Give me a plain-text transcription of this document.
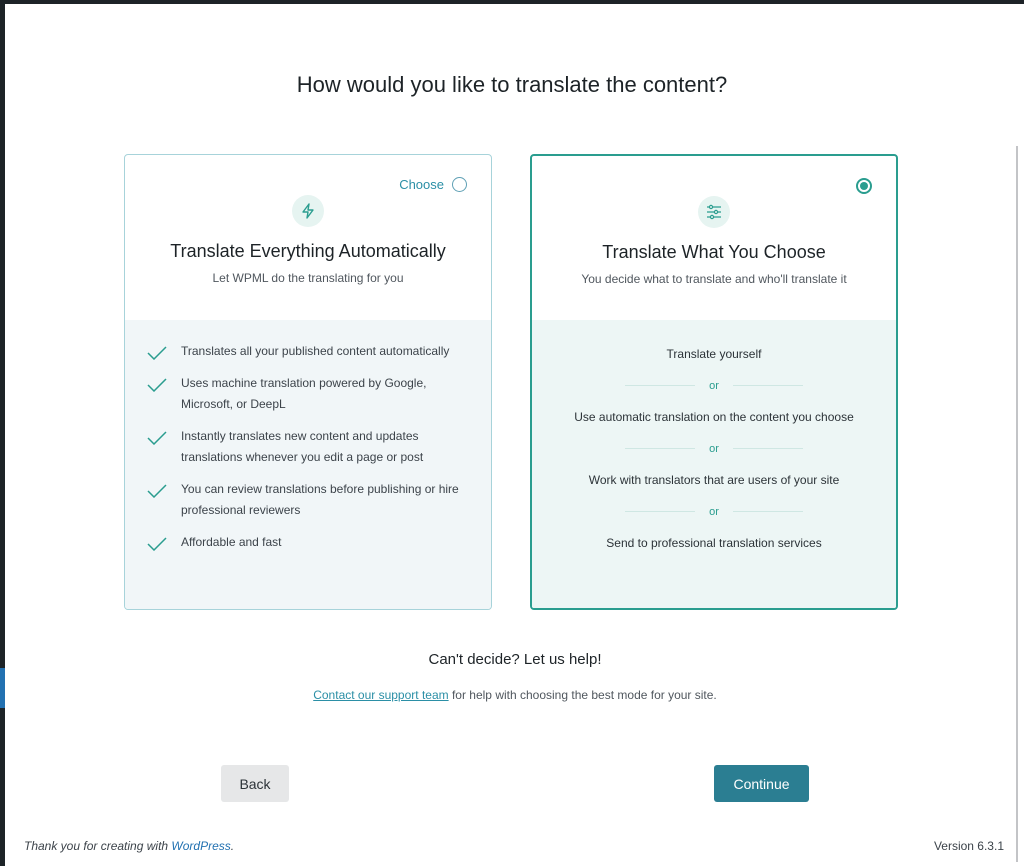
How would you like to translate the content?
Choose
Translate Everything Automatically
Let WPML do the translating for you
Translates all your published content automatically
Uses machine translation powered by Google, Microsoft, or DeepL
Instantly translates new content and updates translations whenever you edit a page or post
You can review translations before publishing or hire professional reviewers
Affordable and fast
Translate What You Choose
You decide what to translate and who'll translate it
Translate yourself
or
Use automatic translation on the content you choose
or
Work with translators that are users of your site
or
Send to professional translation services
Can't decide? Let us help!
Contact our support team for help with choosing the best mode for your site.
Back	Continue
Thank you for creating with WordPress.	Version 6.3.1
